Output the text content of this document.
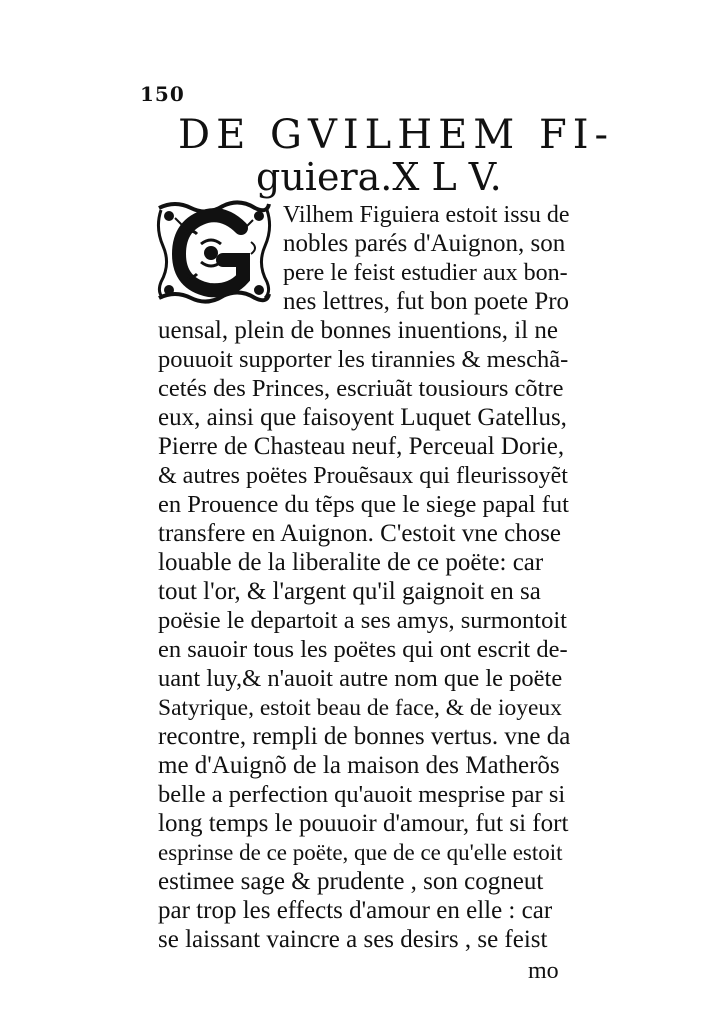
150
DE GVILHEM FI-
guiera.X L V.
Vilhem Figuiera estoit issu de
nobles parés d'Auignon, son
pere le feist estudier aux bon-
nes lettres, fut bon poete Pro
uensal, plein de bonnes inuentions, il ne
pouuoit supporter les tirannies & meschã-
cetés des Princes, escriuãt tousiours cõtre
eux, ainsi que faisoyent Luquet Gatellus,
Pierre de Chasteau neuf, Perceual Dorie,
& autres poëtes Prouẽsaux qui fleurissoyẽt
en Prouence du tẽps que le siege papal fut
transfere en Auignon. C'estoit vne chose
louable de la liberalite de ce poëte: car
tout l'or, & l'argent qu'il gaignoit en sa
poësie le departoit a ses amys, surmontoit
en sauoir tous les poëtes qui ont escrit de-
uant luy,& n'auoit autre nom que le poëte
Satyrique, estoit beau de face, & de ioyeux
recontre, rempli de bonnes vertus. vne da
me d'Auignõ de la maison des Matherõs
belle a perfection qu'auoit mesprise par si
long temps le pouuoir d'amour, fut si fort
esprinse de ce poëte, que de ce qu'elle estoit
estimee sage & prudente , son cogneut
par trop les effects d'amour en elle : car
se laissant vaincre a ses desirs , se feist
mo
